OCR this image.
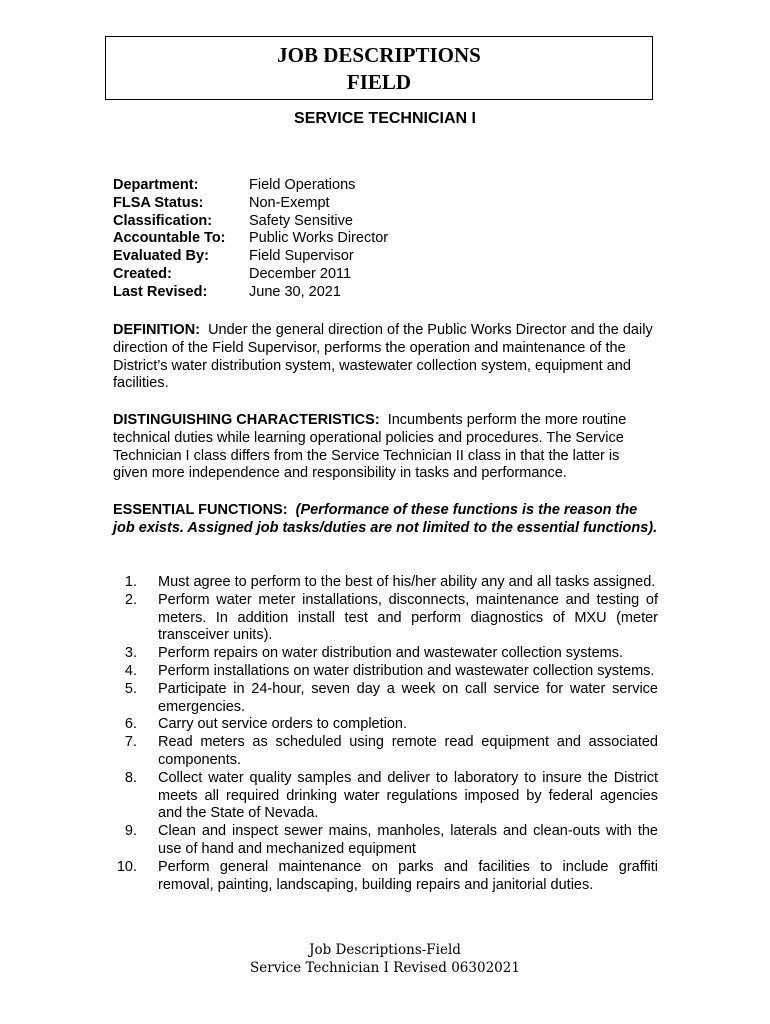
JOB DESCRIPTIONS
FIELD
SERVICE TECHNICIAN I
Department:	Field Operations
FLSA Status:	Non-Exempt
Classification:	Safety Sensitive
Accountable To:	Public Works Director
Evaluated By:	Field Supervisor
Created:	December 2011
Last Revised:	June 30, 2021
DEFINITION: Under the general direction of the Public Works Director and the daily direction of the Field Supervisor, performs the operation and maintenance of the District’s water distribution system, wastewater collection system, equipment and facilities.
DISTINGUISHING CHARACTERISTICS: Incumbents perform the more routine technical duties while learning operational policies and procedures. The Service Technician I class differs from the Service Technician II class in that the latter is given more independence and responsibility in tasks and performance.
ESSENTIAL FUNCTIONS: (Performance of these functions is the reason the job exists. Assigned job tasks/duties are not limited to the essential functions).
1. Must agree to perform to the best of his/her ability any and all tasks assigned.
2. Perform water meter installations, disconnects, maintenance and testing of meters. In addition install test and perform diagnostics of MXU (meter transceiver units).
3. Perform repairs on water distribution and wastewater collection systems.
4. Perform installations on water distribution and wastewater collection systems.
5. Participate in 24-hour, seven day a week on call service for water service emergencies.
6. Carry out service orders to completion.
7. Read meters as scheduled using remote read equipment and associated components.
8. Collect water quality samples and deliver to laboratory to insure the District meets all required drinking water regulations imposed by federal agencies and the State of Nevada.
9. Clean and inspect sewer mains, manholes, laterals and clean-outs with the use of hand and mechanized equipment
10. Perform general maintenance on parks and facilities to include graffiti removal, painting, landscaping, building repairs and janitorial duties.
Job Descriptions-Field
Service Technician I Revised 06302021
